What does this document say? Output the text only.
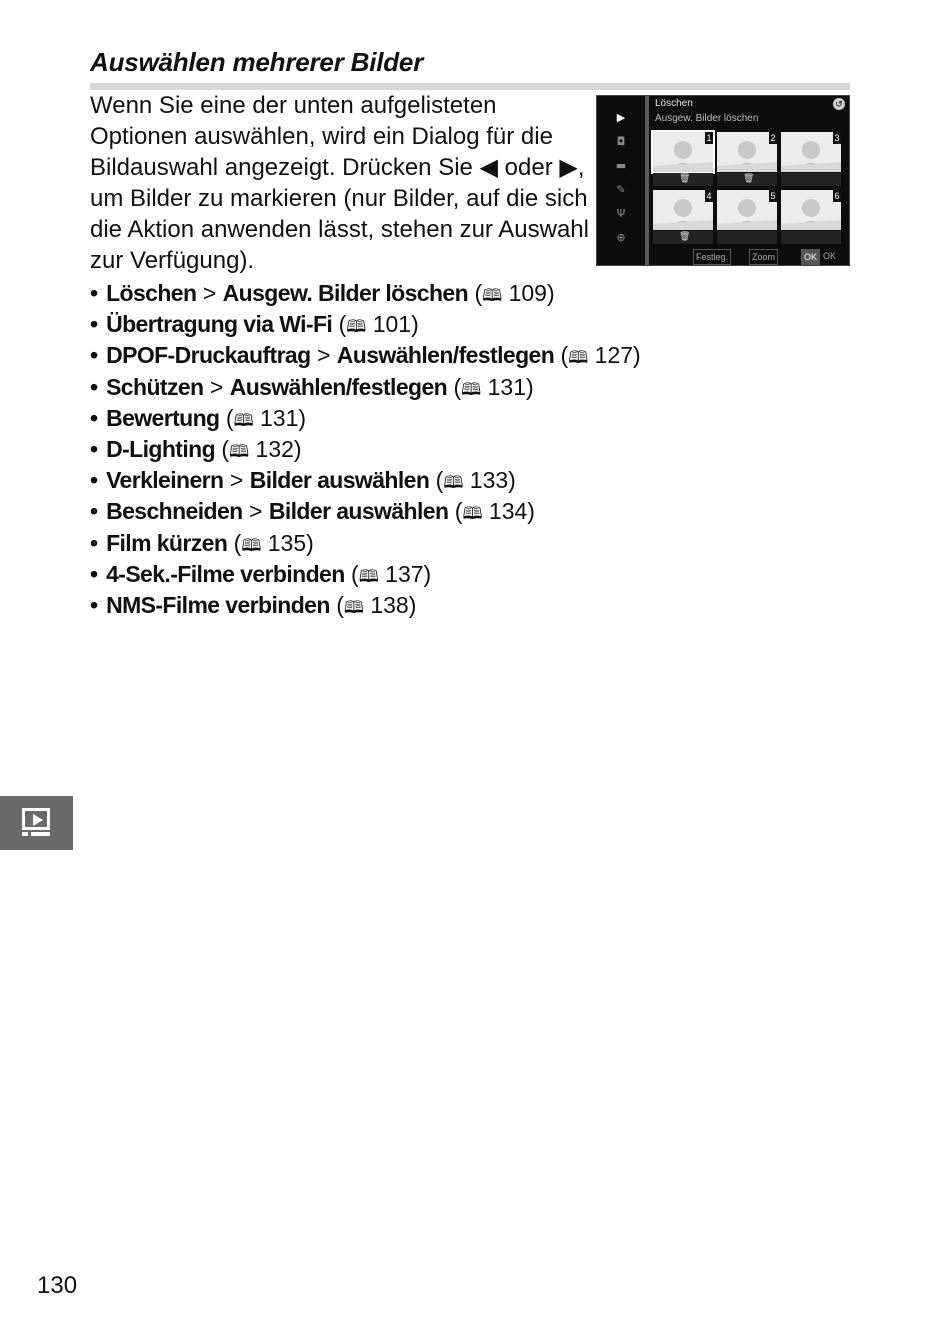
Auswählen mehrerer Bilder

Wenn Sie eine der unten aufgelisteten Optionen auswählen, wird ein Dialog für die Bildauswahl angezeigt. Drücken Sie ◀ oder ▶, um Bilder zu markieren (nur Bilder, auf die sich die Aktion anwenden lässt, stehen zur Auswahl zur Verfügung).

▶
◘
▬
✎
Ψ
⊕
Löschen
Ausgew. Bilder löschen
↺
1
🗑
2
🗑
3
4
🗑
5	6
Festleg.	Zoom	OK OK
• Löschen > Ausgew. Bilder löschen (🕮 109)
• Übertragung via Wi-Fi (🕮 101)
• DPOF-Druckauftrag > Auswählen/festlegen (🕮 127)
• Schützen > Auswählen/festlegen (🕮 131)
• Bewertung (🕮 131)
• D-Lighting (🕮 132)
• Verkleinern > Bilder auswählen (🕮 133)
• Beschneiden > Bilder auswählen (🕮 134)
• Film kürzen (🕮 135)
• 4-Sek.-Filme verbinden (🕮 137)
• NMS-Filme verbinden (🕮 138)
130
